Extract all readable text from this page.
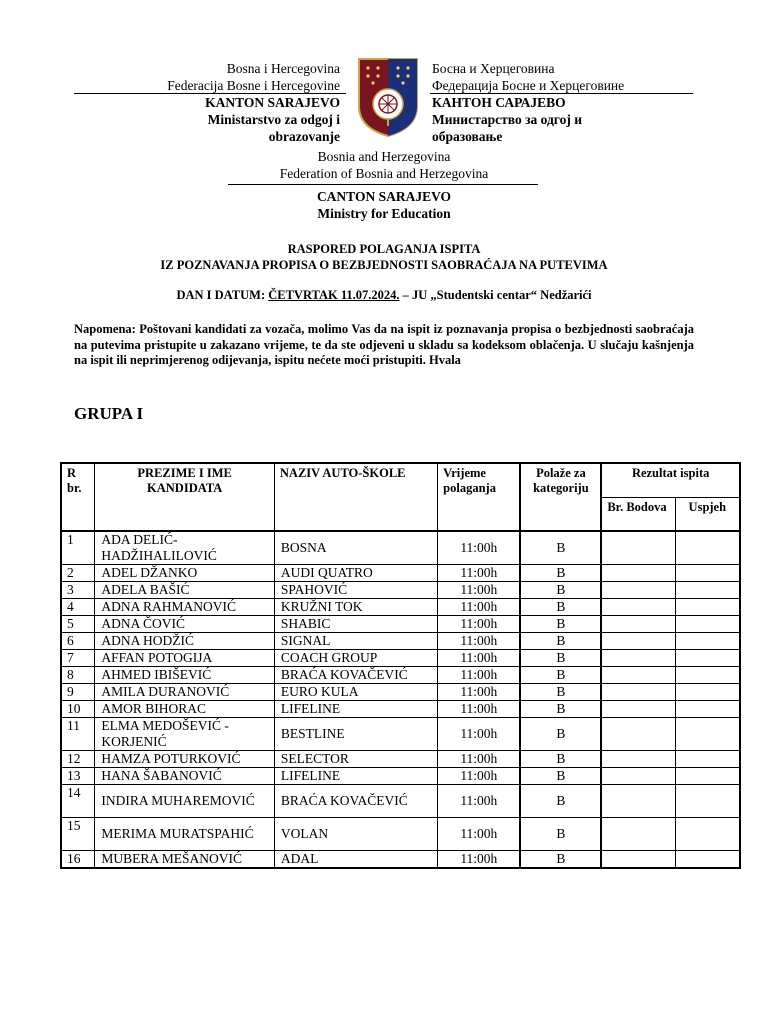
Bosna i Hercegovina
Federacija Bosne i Hercegovine
KANTON SARAJEVO
Ministarstvo za odgoj i
obrazovanje
Босна и Херцеговина
Федерација Босне и Херцеговине
КАНТОН САРАЈЕВО
Министарство за одгој и
образовање
Bosnia and Herzegovina
Federation of Bosnia and Herzegovina
CANTON SARAJEVO
Ministry for Education
RASPORED POLAGANJA ISPITA
IZ POZNAVANJA PROPISA O BEZBJEDNOSTI SAOBRAĆAJA NA PUTEVIMA
DAN I DATUM: ČETVRTAK 11.07.2024. – JU „Studentski centar“ Nedžarići
Napomena: Poštovani kandidati za vozača, molimo Vas da na ispit iz poznavanja propisa o bezbjednosti saobraćaja na putevima pristupite u zakazano vrijeme, te da ste odjeveni u skladu sa kodeksom oblačenja. U slučaju kašnjenja na ispit ili neprimjerenog odijevanja, ispitu nećete moći pristupiti. Hvala
GRUPA I
R br.	PREZIME I IME KANDIDATA	NAZIV AUTO-ŠKOLE	Vrijeme polaganja	Polaže za kategoriju	Rezultat ispita	
					Br. Bodova	Uspjeh
1	ADA DELIĆ-HADŽIHALILOVIĆ	BOSNA	11:00h	B		
2	ADEL DŽANKO	AUDI QUATRO	11:00h	B		
3	ADELA BAŠIĆ	SPAHOVIĆ	11:00h	B		
4	ADNA RAHMANOVIĆ	KRUŽNI TOK	11:00h	B		
5	ADNA ČOVIĆ	SHABIC	11:00h	B		
6	ADNA HODŽIĆ	SIGNAL	11:00h	B		
7	AFFAN POTOGIJA	COACH GROUP	11:00h	B		
8	AHMED IBIŠEVIĆ	BRAĆA KOVAČEVIĆ	11:00h	B		
9	AMILA DURANOVIĆ	EURO KULA	11:00h	B		
10	AMOR BIHORAC	LIFELINE	11:00h	B		
11	ELMA MEDOŠEVIĆ - KORJENIĆ	BESTLINE	11:00h	B		
12	HAMZA POTURKOVIĆ	SELECTOR	11:00h	B		
13	HANA ŠABANOVIĆ	LIFELINE	11:00h	B		
14	INDIRA MUHAREMOVIĆ	BRAĆA KOVAČEVIĆ	11:00h	B		
15	MERIMA MURATSPAHIĆ	VOLAN	11:00h	B		
16	MUBERA MEŠANOVIĆ	ADAL	11:00h	B		
